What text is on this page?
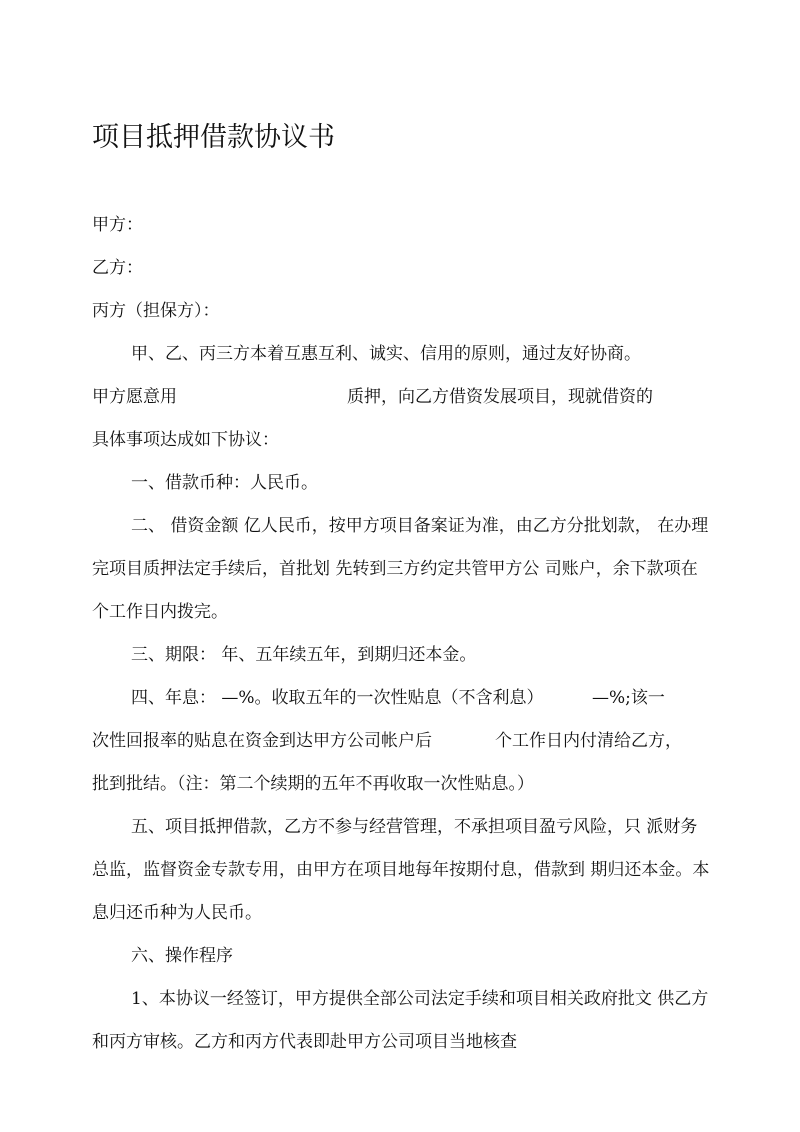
项目抵押借款协议书
甲方：
乙方：
丙方（担保方）：
甲、乙、丙三方本着互惠互利、诚实、信用的原则，通过友好协商。
甲方愿意用	质押，向乙方借资发展项目，现就借资的
具体事项达成如下协议：
一、借款币种：人民币。
二、 借资金额 亿人民币，按甲方项目备案证为准，由乙方分批划款， 在办理
完项目质押法定手续后，首批划 先转到三方约定共管甲方公 司账户，余下款项在
个工作日内拨完。
三、期限： 年、五年续五年，到期归还本金。
四、年息： —%。收取五年的一次性贴息（不含利息）	—%;该一
次性回报率的贴息在资金到达甲方公司帐户后	个工作日内付清给乙方，
批到批结。（注：第二个续期的五年不再收取一次性贴息。）
五、项目抵押借款，乙方不参与经营管理，不承担项目盈亏风险，只 派财务
总监，监督资金专款专用，由甲方在项目地每年按期付息，借款到 期归还本金。本
息归还币种为人民币。
六、操作程序
1、本协议一经签订，甲方提供全部公司法定手续和项目相关政府批文 供乙方
和丙方审核。乙方和丙方代表即赴甲方公司项目当地核查
